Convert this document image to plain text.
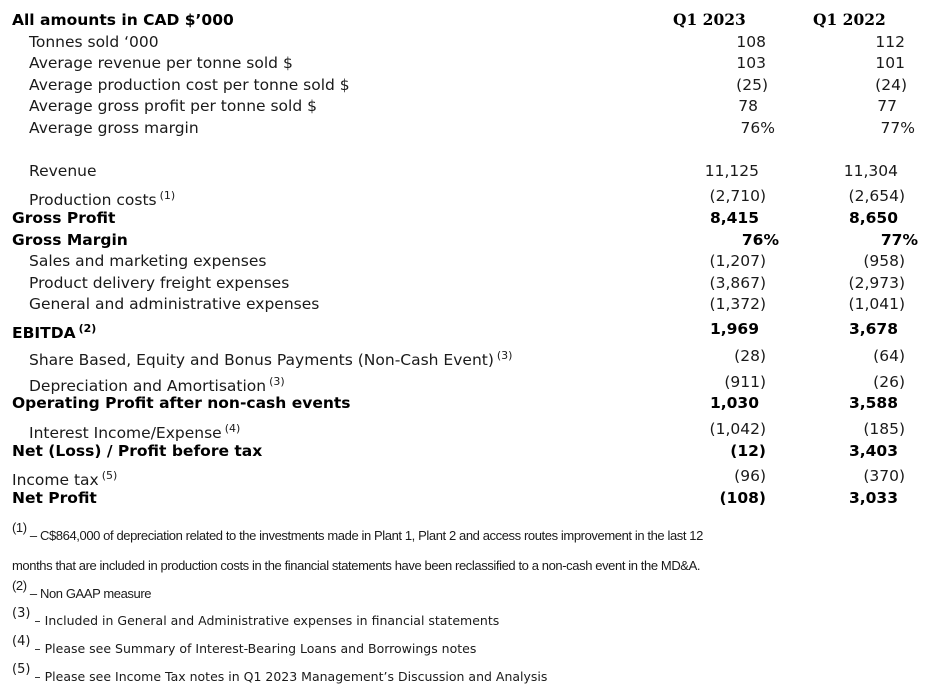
All amounts in CAD $’000	Q1 2023	Q1 2022
Tonnes sold ‘000	108	112
Average revenue per tonne sold $	103	101
Average production cost per tonne sold $	(25)	(24)
Average gross profit per tonne sold $	78	77
Average gross margin	76%	77%
Revenue	11,125	11,304
Production costs $^{(1)}$	(2,710)	(2,654)
Gross Profit	8,415	8,650
Gross Margin	76%	77%
Sales and marketing expenses	(1,207)	(958)
Product delivery freight expenses	(3,867)	(2,973)
General and administrative expenses	(1,372)	(1,041)
EBITDA $^{(2)}$	1,969	3,678
Share Based, Equity and Bonus Payments (Non-Cash Event) $^{(3)}$	(28)	(64)
Depreciation and Amortisation $^{(3)}$	(911)	(26)
Operating Profit after non-cash events	1,030	3,588
Interest Income/Expense $^{(4)}$	(1,042)	(185)
Net (Loss) / Profit before tax	(12)	3,403
Income tax $^{(5)}$	(96)	(370)
Net Profit	(108)	3,033
(1) – C$864,000 of depreciation related to the investments made in Plant 1, Plant 2 and access routes improvement in the last 12
months that are included in production costs in the financial statements have been reclassified to a non-cash event in the MD&A.
(2) – Non GAAP measure
(3) – Included in General and Administrative expenses in financial statements
(4) – Please see Summary of Interest-Bearing Loans and Borrowings notes
(5) – Please see Income Tax notes in Q1 2023 Management’s Discussion and Analysis
